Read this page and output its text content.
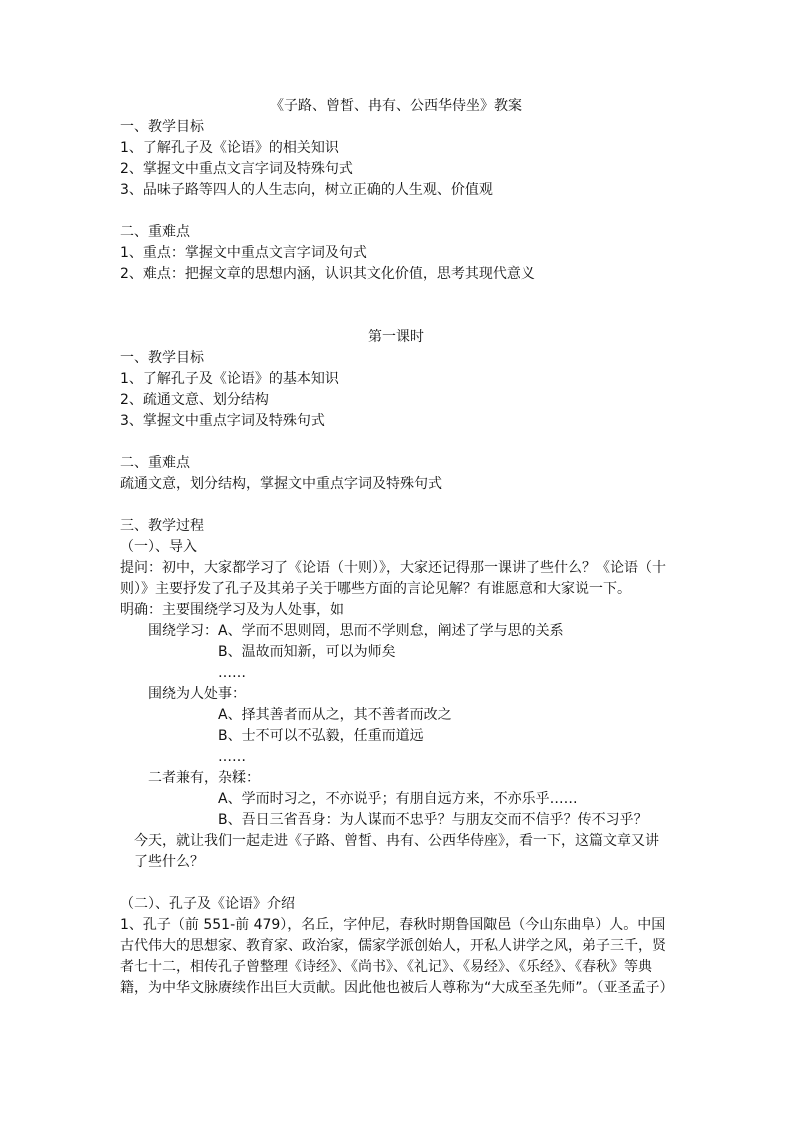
《子路、曾皙、冉有、公西华侍坐》教案
一、教学目标
1、了解孔子及《论语》的相关知识
2、掌握文中重点文言字词及特殊句式
3、品味子路等四人的人生志向，树立正确的人生观、价值观
二、重难点
1、重点：掌握文中重点文言字词及句式
2、难点：把握文章的思想内涵，认识其文化价值，思考其现代意义
第一课时
一、教学目标
1、了解孔子及《论语》的基本知识
2、疏通文意、划分结构
3、掌握文中重点字词及特殊句式
二、重难点
疏通文意，划分结构，掌握文中重点字词及特殊句式
三、教学过程
（一）、导入
提问：初中，大家都学习了《论语（十则）》，大家还记得那一课讲了些什么？《论语（十则）》主要抒发了孔子及其弟子关于哪些方面的言论见解？有谁愿意和大家说一下。
明确：主要围绕学习及为人处事，如
围绕学习：A、学而不思则罔，思而不学则怠，阐述了学与思的关系
B、温故而知新，可以为师矣
……
围绕为人处事：
A、择其善者而从之，其不善者而改之
B、士不可以不弘毅，任重而道远
……
二者兼有，杂糅：
A、学而时习之，不亦说乎；有朋自远方来，不亦乐乎……
B、吾日三省吾身：为人谋而不忠乎？与朋友交而不信乎？传不习乎？
今天，就让我们一起走进《子路、曾皙、冉有、公西华侍座》，看一下，这篇文章又讲了些什么？
（二）、孔子及《论语》介绍
1、孔子（前 551-前 479），名丘，字仲尼，春秋时期鲁国陬邑（今山东曲阜）人。中国古代伟大的思想家、教育家、政治家，儒家学派创始人，开私人讲学之风，弟子三千，贤者七十二，相传孔子曾整理《诗经》、《尚书》、《礼记》、《易经》、《乐经》、《春秋》等典籍，为中华文脉赓续作出巨大贡献。因此他也被后人尊称为“大成至圣先师”。（亚圣孟子）
